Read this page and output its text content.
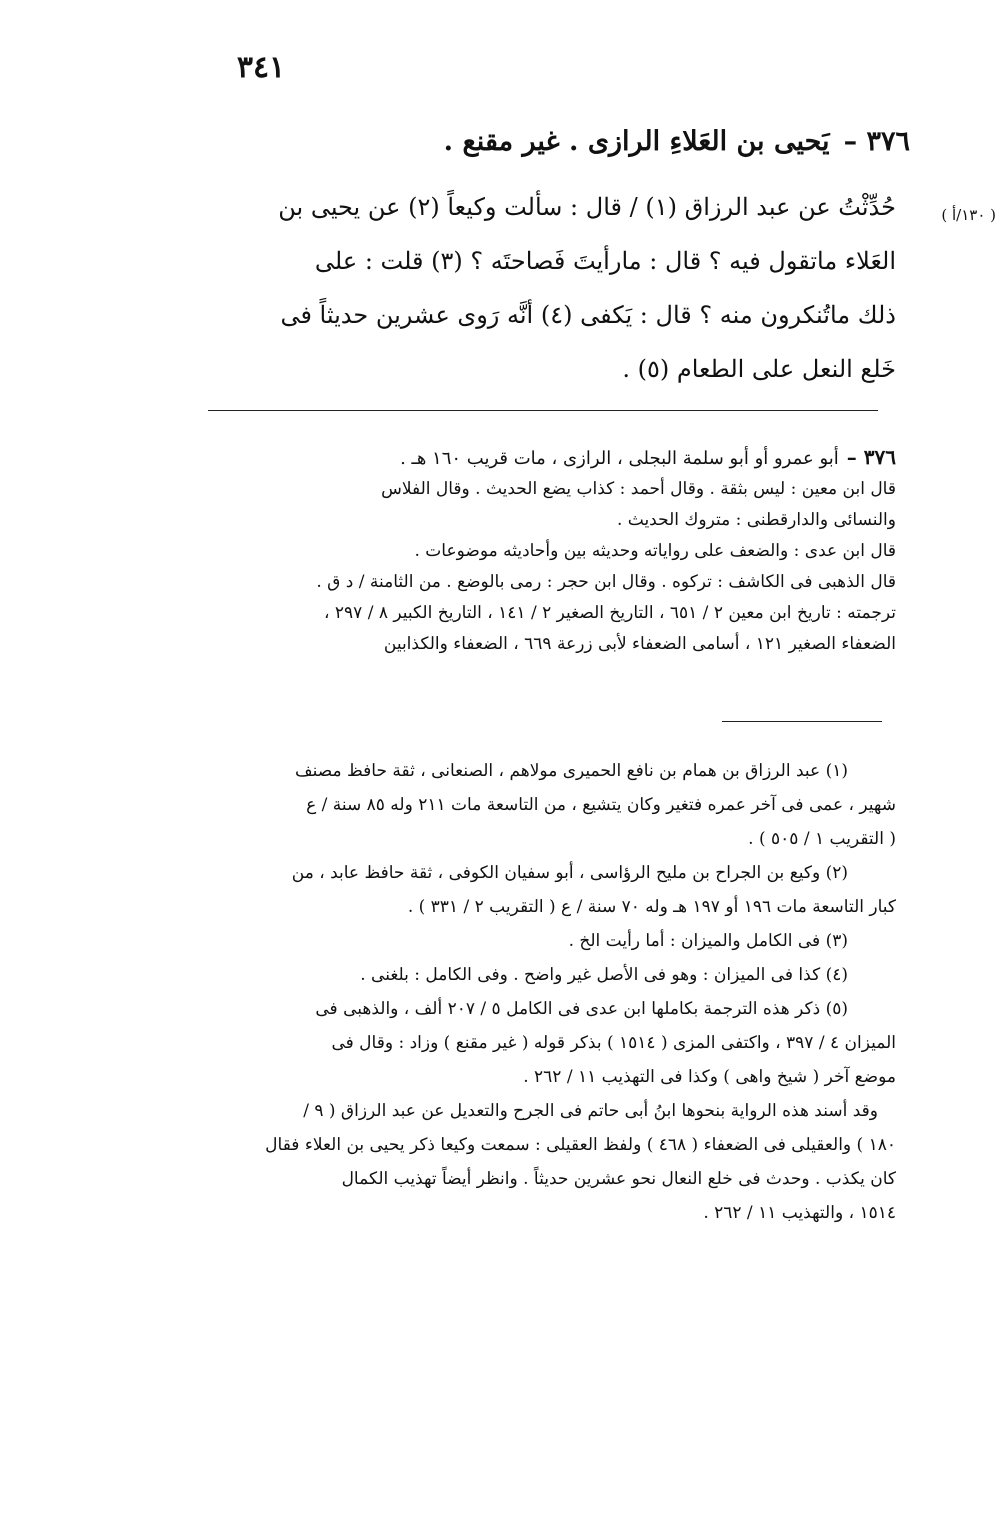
٣٤١
٣٧٦ –يَحيى بن العَلاءِ الرازى . غير مقنع .
( ١٣٠/أ )
حُدِّثْتُ عن عبد الرزاق (١) / قال : سألت وكيعاً (٢) عن يحيى بن
العَلاء ماتقول فيه ؟ قال : مارأيتَ فَصاحتَه ؟ (٣) قلت : على
ذلك ماتُنكرون منه ؟ قال : يَكفى (٤) أنَّه رَوى عشرين حديثاً فى
خَلع النعل على الطعام (٥) .
٣٧٦ –أبو عمرو أو أبو سلمة البجلى ، الرازى ، مات قريب ١٦٠ هـ .
قال ابن معين : ليس بثقة . وقال أحمد : كذاب يضع الحديث . وقال الفلاس
والنسائى والدارقطنى : متروك الحديث .
قال ابن عدى : والضعف على رواياته وحديثه بين وأحاديثه موضوعات .
قال الذهبى فى الكاشف : تركوه . وقال ابن حجر : رمى بالوضع . من الثامنة / د ق .
ترجمته : تاريخ ابن معين ٢ / ٦٥١ ، التاريخ الصغير ٢ / ١٤١ ، التاريخ الكبير ٨ / ٢٩٧ ،
الضعفاء الصغير ١٢١ ، أسامى الضعفاء لأبى زرعة ٦٦٩ ، الضعفاء والكذابين
(١) عبد الرزاق بن همام بن نافع الحميرى مولاهم ، الصنعانى ، ثقة حافظ مصنف
شهير ، عمى فى آخر عمره فتغير وكان يتشيع ، من التاسعة مات ٢١١ وله ٨٥ سنة / ع
( التقريب ١ / ٥٠٥ ) .
(٢) وكيع بن الجراح بن مليح الرؤاسى ، أبو سفيان الكوفى ، ثقة حافظ عابد ، من
كبار التاسعة مات ١٩٦ أو ١٩٧ هـ وله ٧٠ سنة / ع ( التقريب ٢ / ٣٣١ ) .
(٣) فى الكامل والميزان : أما رأيت الخ .
(٤) كذا فى الميزان : وهو فى الأصل غير واضح . وفى الكامل : بلغنى .
(٥) ذكر هذه الترجمة بكاملها ابن عدى فى الكامل ٥ / ٢٠٧ ألف ، والذهبى فى
الميزان ٤ / ٣٩٧ ، واكتفى المزى ( ١٥١٤ ) بذكر قوله ( غير مقنع ) وزاد : وقال فى
موضع آخر ( شيخ واهى ) وكذا فى التهذيب ١١ / ٢٦٢ .
وقد أسند هذه الرواية بنحوها ابنُ أبى حاتم فى الجرح والتعديل عن عبد الرزاق ( ٩ /
١٨٠ ) والعقيلى فى الضعفاء ( ٤٦٨ ) ولفظ العقيلى : سمعت وكيعا ذكر يحيى بن العلاء فقال
كان يكذب . وحدث فى خلع النعال نحو عشرين حديثاً . وانظر أيضاً تهذيب الكمال
١٥١٤ ، والتهذيب ١١ / ٢٦٢ .
